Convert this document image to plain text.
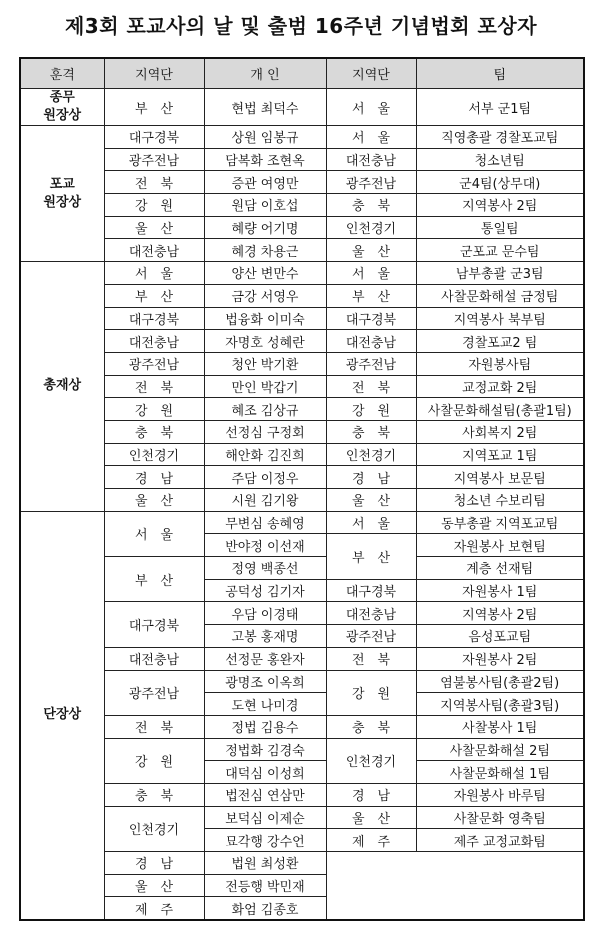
제3회 포교사의 날 및 출범 16주년 기념법회 포상자
훈격	지역단	개 인	지역단	팀
종무
원장상	부　산	현법 최덕수	서　울	서부 군1팀
포교
원장상	대구경북	상원 임봉규	서　울	직영총괄 경찰포교팀
	광주전남	담복화 조현옥	대전충남	청소년팀
	전　북	증관 여영만	광주전남	군4팀(상무대)
	강　원	원담 이호섭	충　북	지역봉사 2팀
	울　산	혜량 어기명	인천경기	통일팀
	대전충남	혜경 차용근	울　산	군포교 문수팀
총재상	서　울	양산 변만수	서　울	남부총괄 군3팀
	부　산	금강 서영우	부　산	사찰문화해설 금정팀
	대구경북	법융화 이미숙	대구경북	지역봉사 북부팀
	대전충남	자명호 성혜란	대전충남	경찰포교2 팀
	광주전남	청안 박기환	광주전남	자원봉사팀
	전　북	만인 박갑기	전　북	교정교화 2팀
	강　원	혜조 김상규	강　원	사찰문화해설팀(총괄1팀)
	충　북	선정심 구정회	충　북	사회복지 2팀
	인천경기	해안화 김진희	인천경기	지역포교 1팀
	경　남	주담 이정우	경　남	지역봉사 보문팀
	울　산	시원 김기왕	울　산	청소년 수보리팀
단장상	서　울	무변심 송혜영	서　울	동부총괄 지역포교팀
		반야정 이선재	부　산	자원봉사 보현팀
	부　산	정영 백종선		계층 선재팀
		공덕성 김기자	대구경북	자원봉사 1팀
	대구경북	우담 이경태	대전충남	지역봉사 2팀
		고봉 홍재명	광주전남	음성포교팀
	대전충남	선정문 홍완자	전　북	자원봉사 2팀
	광주전남	광명조 이옥희	강　원	염불봉사팀(총괄2팀)
		도현 나미경		지역봉사팀(총괄3팀)
	전　북	정법 김용수	충　북	사찰봉사 1팀
	강　원	정법화 김경숙	인천경기	사찰문화해설 2팀
		대덕심 이성희		사찰문화해설 1팀
	충　북	법전심 연삼만	경　남	자원봉사 바루팀
	인천경기	보덕심 이제순	울　산	사찰문화 영축팀
		묘각행 강수언	제　주	제주 교정교화팀
	경　남	법원 최성환		
	울　산	전등행 박민재		
	제　주	화엄 김종호		
